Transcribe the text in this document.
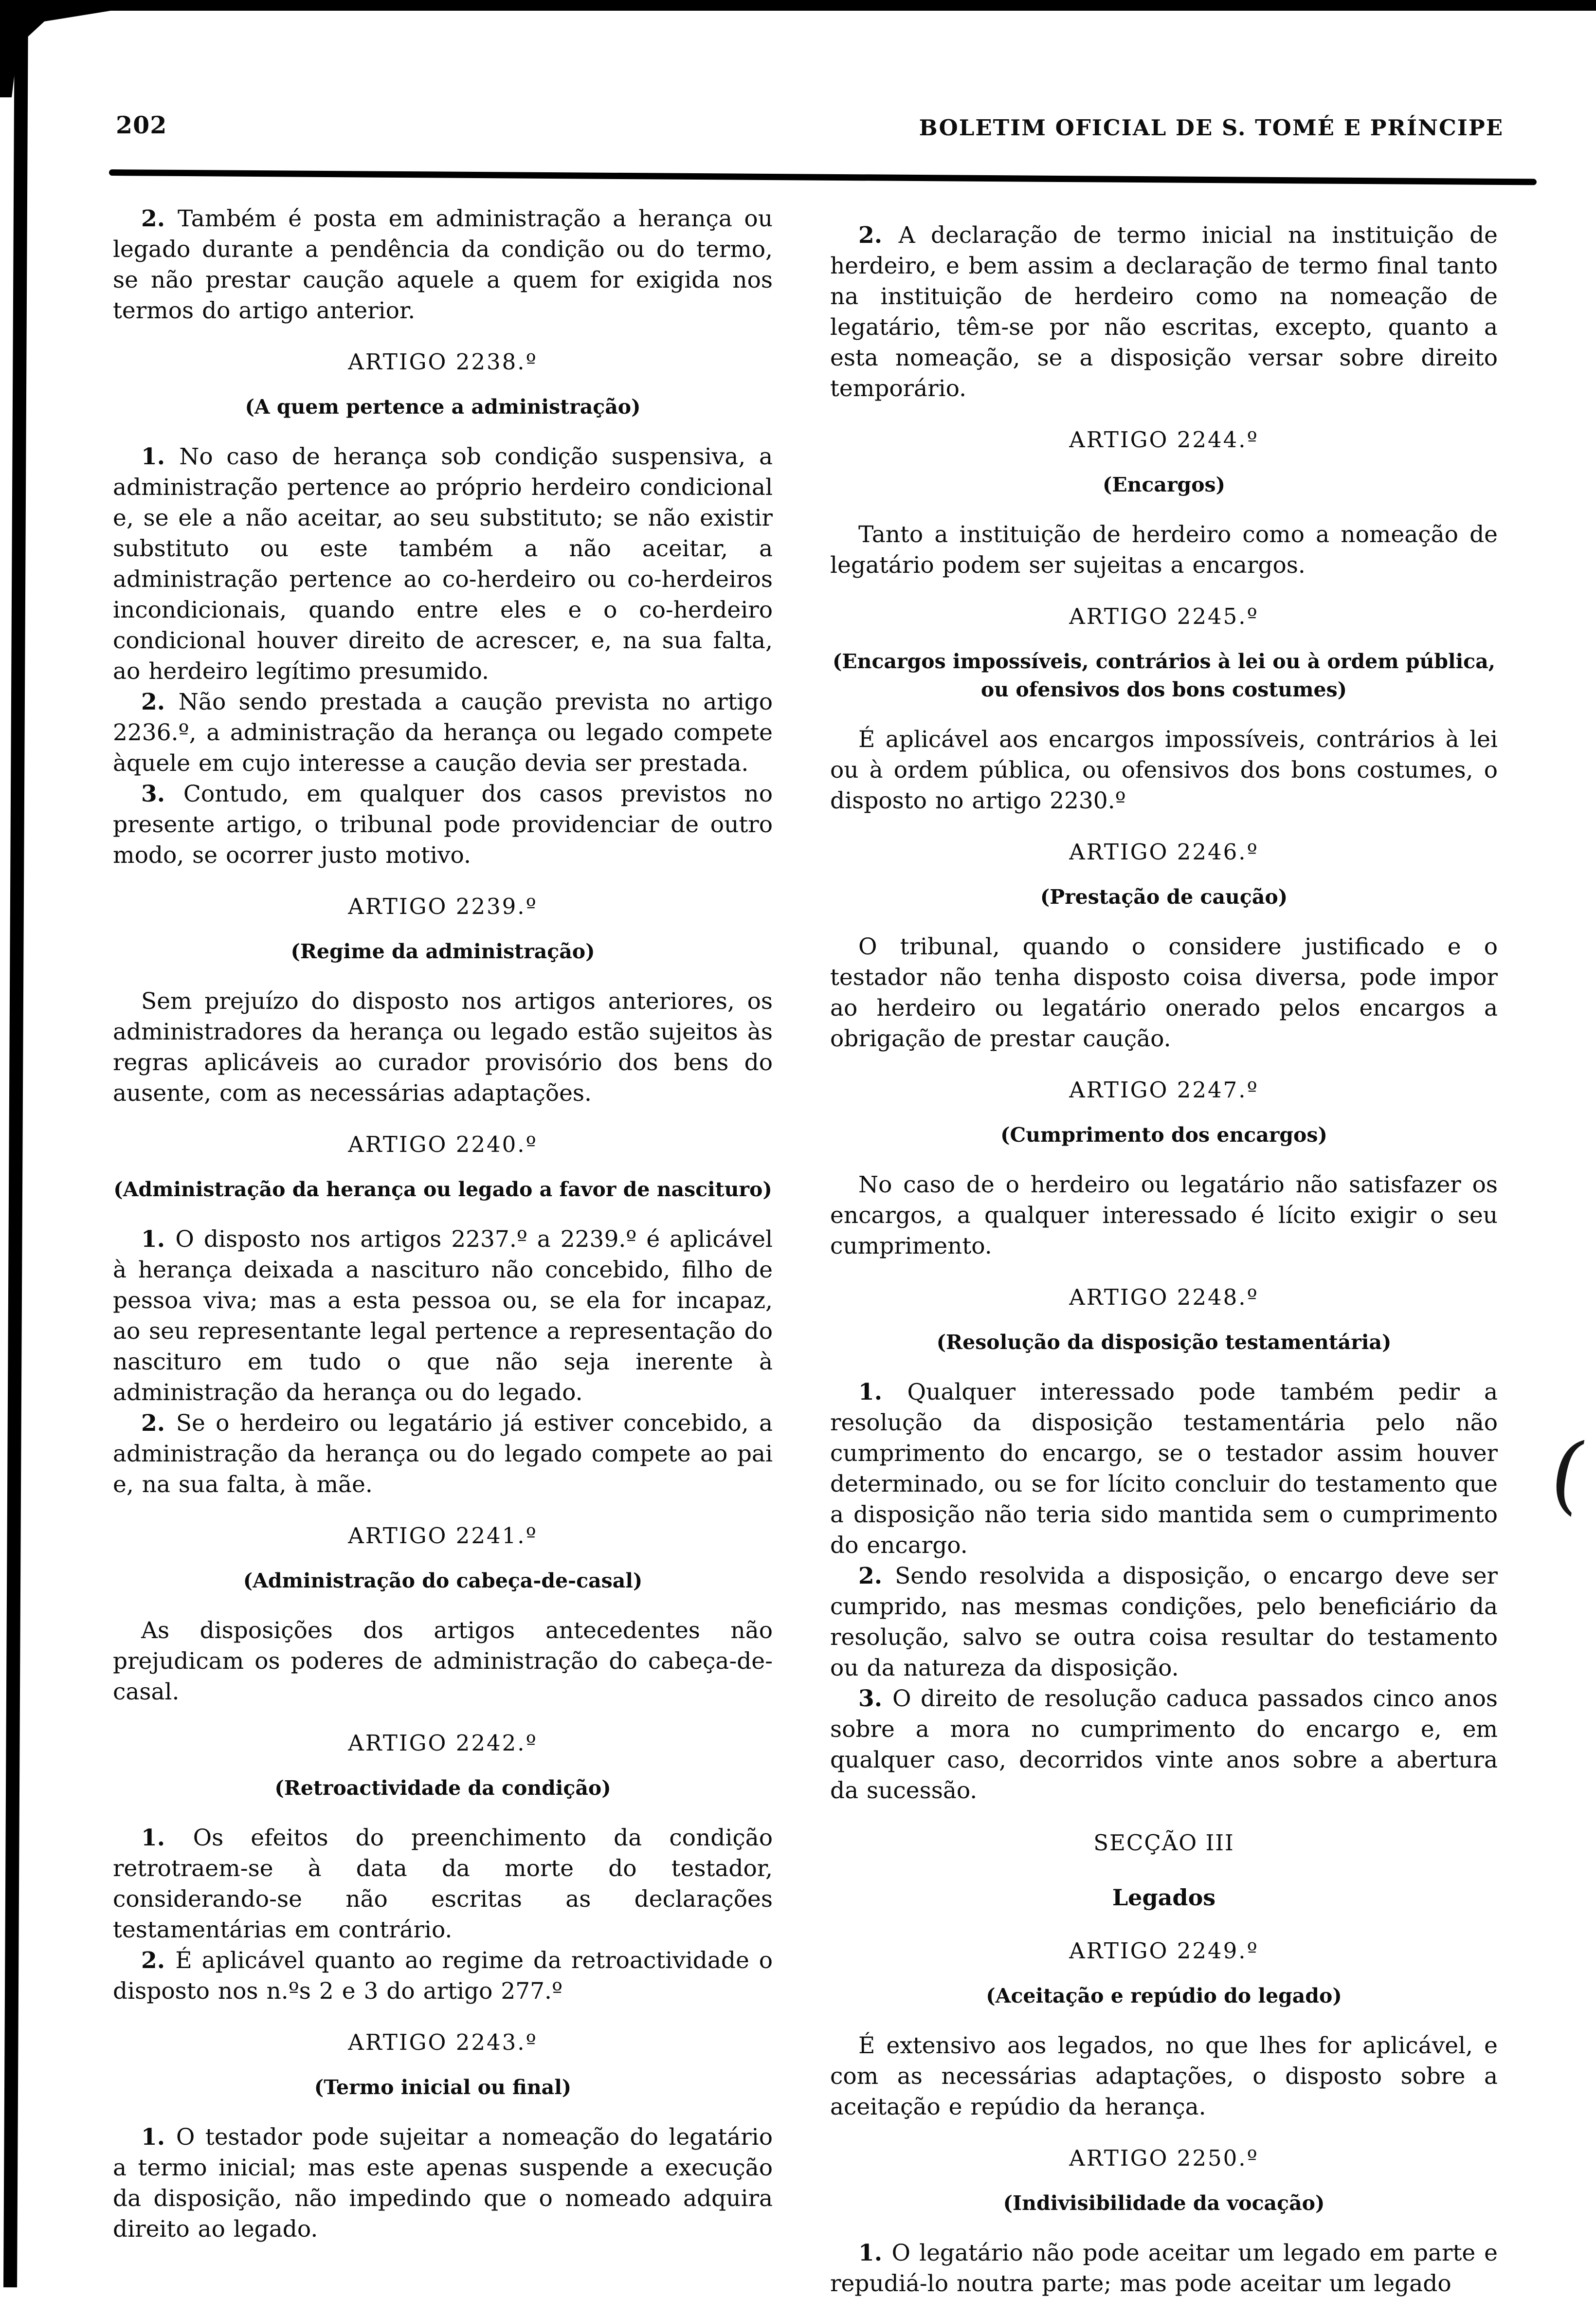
202	BOLETIM OFICIAL DE S. TOMÉ E PRÍNCIPE

2. Também é posta em administração a herança ou legado durante a pendência da condição ou do termo, se não prestar caução aquele a quem for exigida nos termos do artigo anterior.

ARTIGO 2238.º
(A quem pertence a administração)

1. No caso de herança sob condição suspensiva, a administração pertence ao próprio herdeiro condicional e, se ele a não aceitar, ao seu substituto; se não existir substituto ou este também a não aceitar, a administração pertence ao co-herdeiro ou co-herdeiros incondicionais, quando entre eles e o co-herdeiro condicional houver direito de acrescer, e, na sua falta, ao herdeiro legítimo presumido.

2. Não sendo prestada a caução prevista no artigo 2236.º, a administração da herança ou legado compete àquele em cujo interesse a caução devia ser prestada.

3. Contudo, em qualquer dos casos previstos no presente artigo, o tribunal pode providenciar de outro modo, se ocorrer justo motivo.

ARTIGO 2239.º
(Regime da administração)

Sem prejuízo do disposto nos artigos anteriores, os administradores da herança ou legado estão sujeitos às regras aplicáveis ao curador provisório dos bens do ausente, com as necessárias adaptações.

ARTIGO 2240.º
(Administração da herança ou legado a favor de nascituro)

1. O disposto nos artigos 2237.º a 2239.º é aplicável à herança deixada a nascituro não concebido, filho de pessoa viva; mas a esta pessoa ou, se ela for incapaz, ao seu representante legal pertence a representação do nascituro em tudo o que não seja inerente à administração da herança ou do legado.

2. Se o herdeiro ou legatário já estiver concebido, a administração da herança ou do legado compete ao pai e, na sua falta, à mãe.

ARTIGO 2241.º
(Administração do cabeça-de-casal)

As disposições dos artigos antecedentes não prejudicam os poderes de administração do cabeça-de-casal.

ARTIGO 2242.º
(Retroactividade da condição)

1. Os efeitos do preenchimento da condição retrotraem-se à data da morte do testador, considerando-se não escritas as declarações testamentárias em contrário.

2. É aplicável quanto ao regime da retroactividade o disposto nos n.ºs 2 e 3 do artigo 277.º

ARTIGO 2243.º
(Termo inicial ou final)

1. O testador pode sujeitar a nomeação do legatário a termo inicial; mas este apenas suspende a execução da disposição, não impedindo que o nomeado adquira direito ao legado.

2. A declaração de termo inicial na instituição de herdeiro, e bem assim a declaração de termo final tanto na instituição de herdeiro como na nomeação de legatário, têm-se por não escritas, excepto, quanto a esta nomeação, se a disposição versar sobre direito temporário.

ARTIGO 2244.º
(Encargos)

Tanto a instituição de herdeiro como a nomeação de legatário podem ser sujeitas a encargos.

ARTIGO 2245.º
(Encargos impossíveis, contrários à lei ou à ordem pública, ou ofensivos dos bons costumes)

É aplicável aos encargos impossíveis, contrários à lei ou à ordem pública, ou ofensivos dos bons costumes, o disposto no artigo 2230.º

ARTIGO 2246.º
(Prestação de caução)

O tribunal, quando o considere justificado e o testador não tenha disposto coisa diversa, pode impor ao herdeiro ou legatário onerado pelos encargos a obrigação de prestar caução.

ARTIGO 2247.º
(Cumprimento dos encargos)

No caso de o herdeiro ou legatário não satisfazer os encargos, a qualquer interessado é lícito exigir o seu cumprimento.

ARTIGO 2248.º
(Resolução da disposição testamentária)

1. Qualquer interessado pode também pedir a resolução da disposição testamentária pelo não cumprimento do encargo, se o testador assim houver determinado, ou se for lícito concluir do testamento que a disposição não teria sido mantida sem o cumprimento do encargo.

2. Sendo resolvida a disposição, o encargo deve ser cumprido, nas mesmas condições, pelo beneficiário da resolução, salvo se outra coisa resultar do testamento ou da natureza da disposição.

3. O direito de resolução caduca passados cinco anos sobre a mora no cumprimento do encargo e, em qualquer caso, decorridos vinte anos sobre a abertura da sucessão.

SECÇÃO III
Legados
ARTIGO 2249.º
(Aceitação e repúdio do legado)

É extensivo aos legados, no que lhes for aplicável, e com as necessárias adaptações, o disposto sobre a aceitação e repúdio da herança.

ARTIGO 2250.º
(Indivisibilidade da vocação)

1. O legatário não pode aceitar um legado em parte e repudiá-lo noutra parte; mas pode aceitar um legado

(
